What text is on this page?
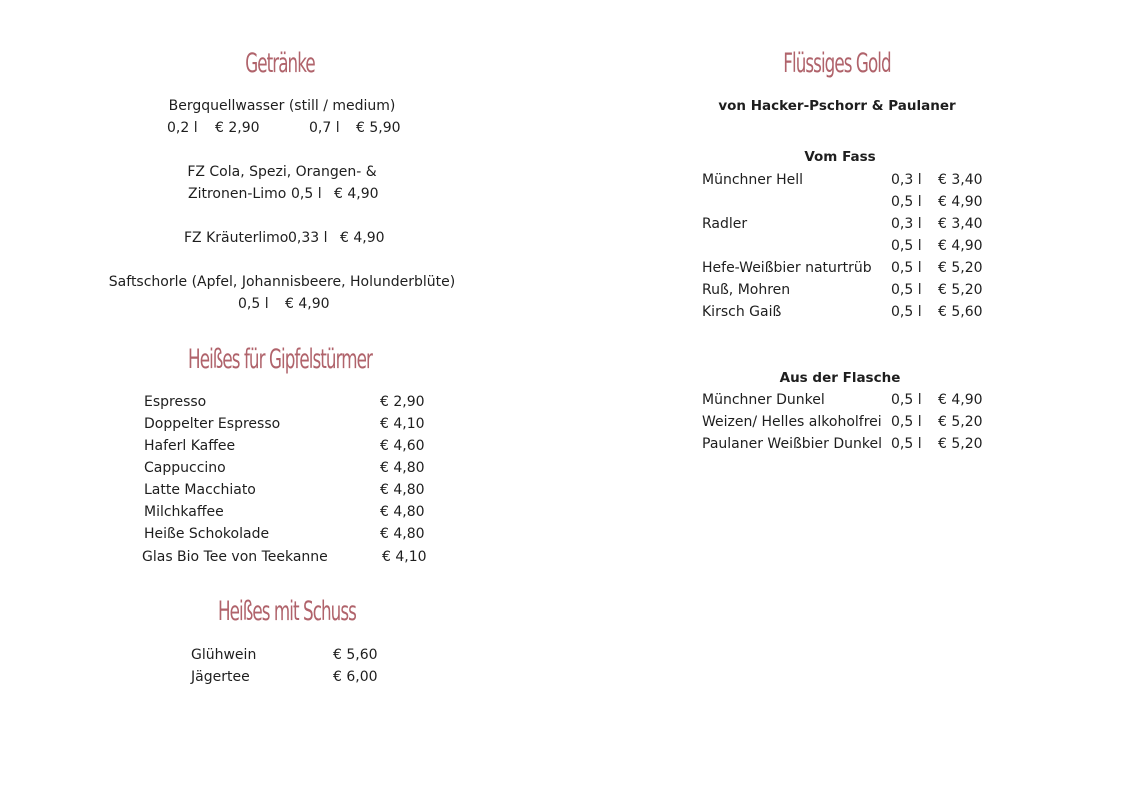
Getränke
Bergquellwasser (still / medium)
0,2 l € 2,90	0,7 l € 5,90
FZ Cola, Spezi, Orangen- &
Zitronen-Limo 0,5 l € 4,90
FZ Kräuterlimo 0,33 l € 4,90
Saftschorle (Apfel, Johannisbeere, Holunderblüte)
0,5 l € 4,90
Heißes für Gipfelstürmer
Espresso	€ 2,90
Doppelter Espresso	€ 4,10
Haferl Kaffee	€ 4,60
Cappuccino	€ 4,80
Latte Macchiato	€ 4,80
Milchkaffee	€ 4,80
Heiße Schokolade	€ 4,80
Glas Bio Tee von Teekanne	€ 4,10
Heißes mit Schuss
Glühwein	€ 5,60
Jägertee	€ 6,00
Flüssiges Gold
von Hacker-Pschorr & Paulaner
Vom Fass
Münchner Hell	0,3 l € 3,40
0,5 l € 4,90
Radler	0,3 l € 3,40
0,5 l € 4,90
Hefe-Weißbier naturtrüb 0,5 l € 5,20
Ruß, Mohren	0,5 l € 5,20
Kirsch Gaiß	0,5 l € 5,60
Aus der Flasche
Münchner Dunkel	0,5 l € 4,90
Weizen/ Helles alkoholfrei 0,5 l € 5,20
Paulaner Weißbier Dunkel 0,5 l € 5,20
